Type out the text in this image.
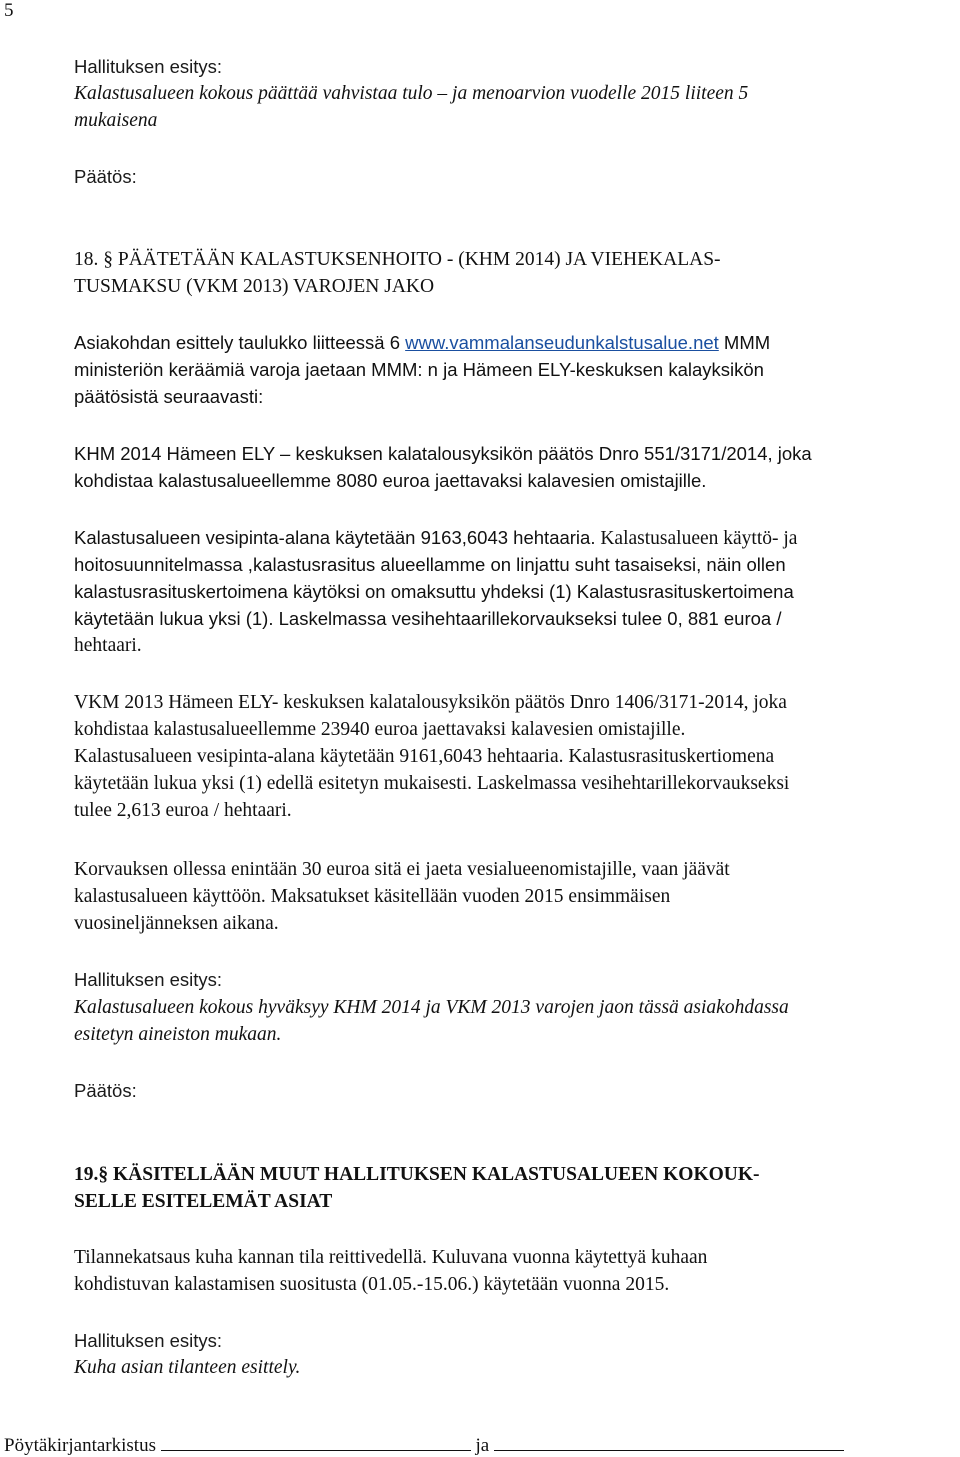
5
Hallituksen esitys:
Kalastusalueen kokous päättää vahvistaa tulo – ja menoarvion vuodelle 2015 liiteen 5
mukaisena
Päätös:
18. § PÄÄTETÄÄN KALASTUKSENHOITO - (KHM 2014) JA VIEHEKALAS-
TUSMAKSU (VKM 2013) VAROJEN JAKO
Asiakohdan esittely taulukko liitteessä 6 www.vammalanseudunkalstusalue.net MMM
ministeriön keräämiä varoja jaetaan MMM: n ja Hämeen ELY-keskuksen kalayksikön
päätösistä seuraavasti:
KHM 2014 Hämeen ELY – keskuksen kalatalousyksikön päätös Dnro 551/3171/2014, joka
kohdistaa kalastusalueellemme 8080 euroa jaettavaksi kalavesien omistajille.
Kalastusalueen vesipinta-alana käytetään 9163,6043 hehtaaria. Kalastusalueen käyttö- ja
hoitosuunnitelmassa ,kalastusrasitus alueellamme on linjattu suht tasaiseksi, näin ollen
kalastusrasituskertoimena käytöksi on omaksuttu yhdeksi (1) Kalastusrasituskertoimena
käytetään lukua yksi (1). Laskelmassa vesihehtaarillekorvaukseksi tulee 0, 881 euroa /
hehtaari.
VKM 2013 Hämeen ELY- keskuksen kalatalousyksikön päätös Dnro 1406/3171-2014, joka
kohdistaa kalastusalueellemme 23940 euroa jaettavaksi kalavesien omistajille.
Kalastusalueen vesipinta-alana käytetään 9161,6043 hehtaaria. Kalastusrasituskertiomena
käytetään lukua yksi (1) edellä esitetyn mukaisesti. Laskelmassa vesihehtarillekorvaukseksi
tulee 2,613 euroa / hehtaari.
Korvauksen ollessa enintään 30 euroa sitä ei jaeta vesialueenomistajille, vaan jäävät
kalastusalueen käyttöön. Maksatukset käsitellään vuoden 2015 ensimmäisen
vuosineljänneksen aikana.
Hallituksen esitys:
Kalastusalueen kokous hyväksyy KHM 2014 ja VKM 2013 varojen jaon tässä asiakohdassa
esitetyn aineiston mukaan.
Päätös:
19.§ KÄSITELLÄÄN MUUT HALLITUKSEN KALASTUSALUEEN KOKOUK-
SELLE ESITELEMÄT ASIAT
Tilannekatsaus kuha kannan tila reittivedellä. Kuluvana vuonna käytettyä kuhaan
kohdistuvan kalastamisen suositusta (01.05.-15.06.) käytetään vuonna 2015.
Hallituksen esitys:
Kuha asian tilanteen esittely.
Pöytäkirjantarkistus	ja
